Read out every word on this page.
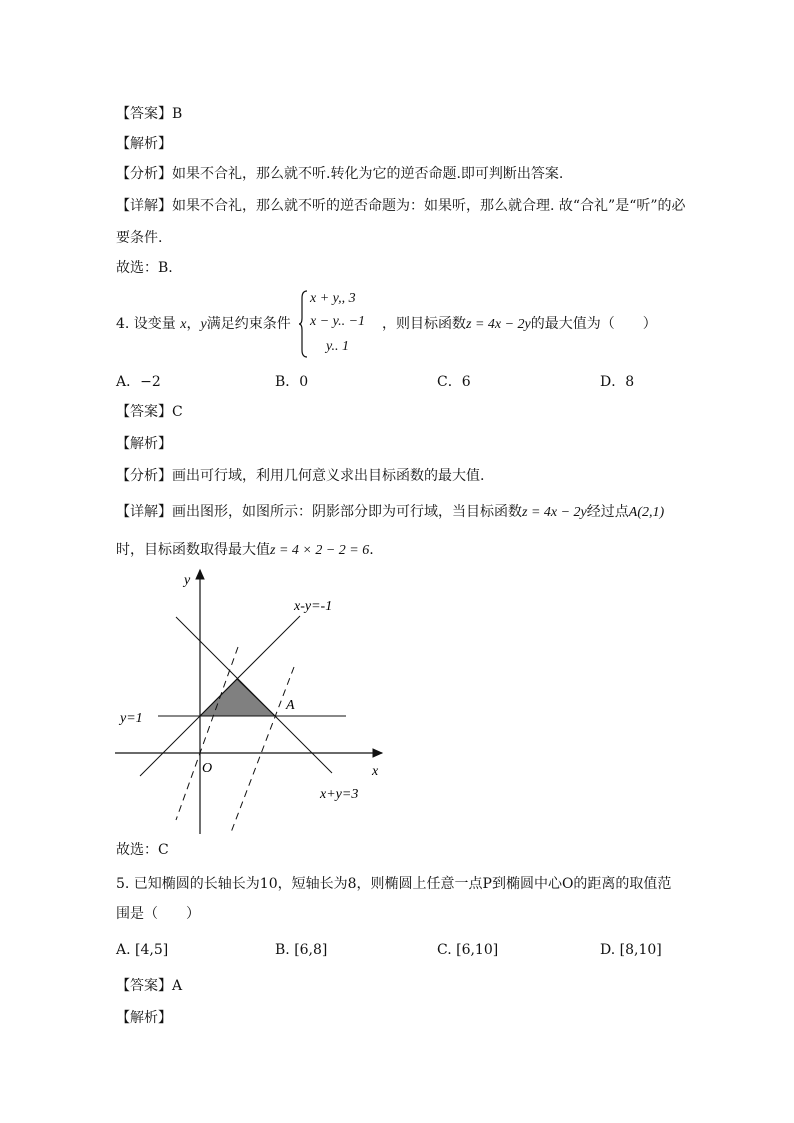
【答案】B
【解析】
【分析】如果不合礼，那么就不听.转化为它的逆否命题.即可判断出答案.
【详解】如果不合礼，那么就不听的逆否命题为：如果听，那么就合理. 故“合礼”是“听”的必
要条件.
故选：B.
4. 设变量 x，y满足约束条件
x + y,, 3
x − y.. −1
y.. 1
，则目标函数z = 4x − 2y的最大值为（　　）
A．−2	B．0	C．6	D．8
【答案】C
【解析】
【分析】画出可行域，利用几何意义求出目标函数的最大值.
【详解】画出图形，如图所示：阴影部分即为可行域，当目标函数z = 4x − 2y经过点A(2,1)
时，目标函数取得最大值z = 4 × 2 − 2 = 6.
y
x
O
A
x-y=-1
y=1
x+y=3
故选：C
5. 已知椭圆的长轴长为10，短轴长为8，则椭圆上任意一点P到椭圆中心O的距离的取值范
围是（　　）
A. [4,5]	B. [6,8]	C. [6,10]	D. [8,10]
【答案】A
【解析】
